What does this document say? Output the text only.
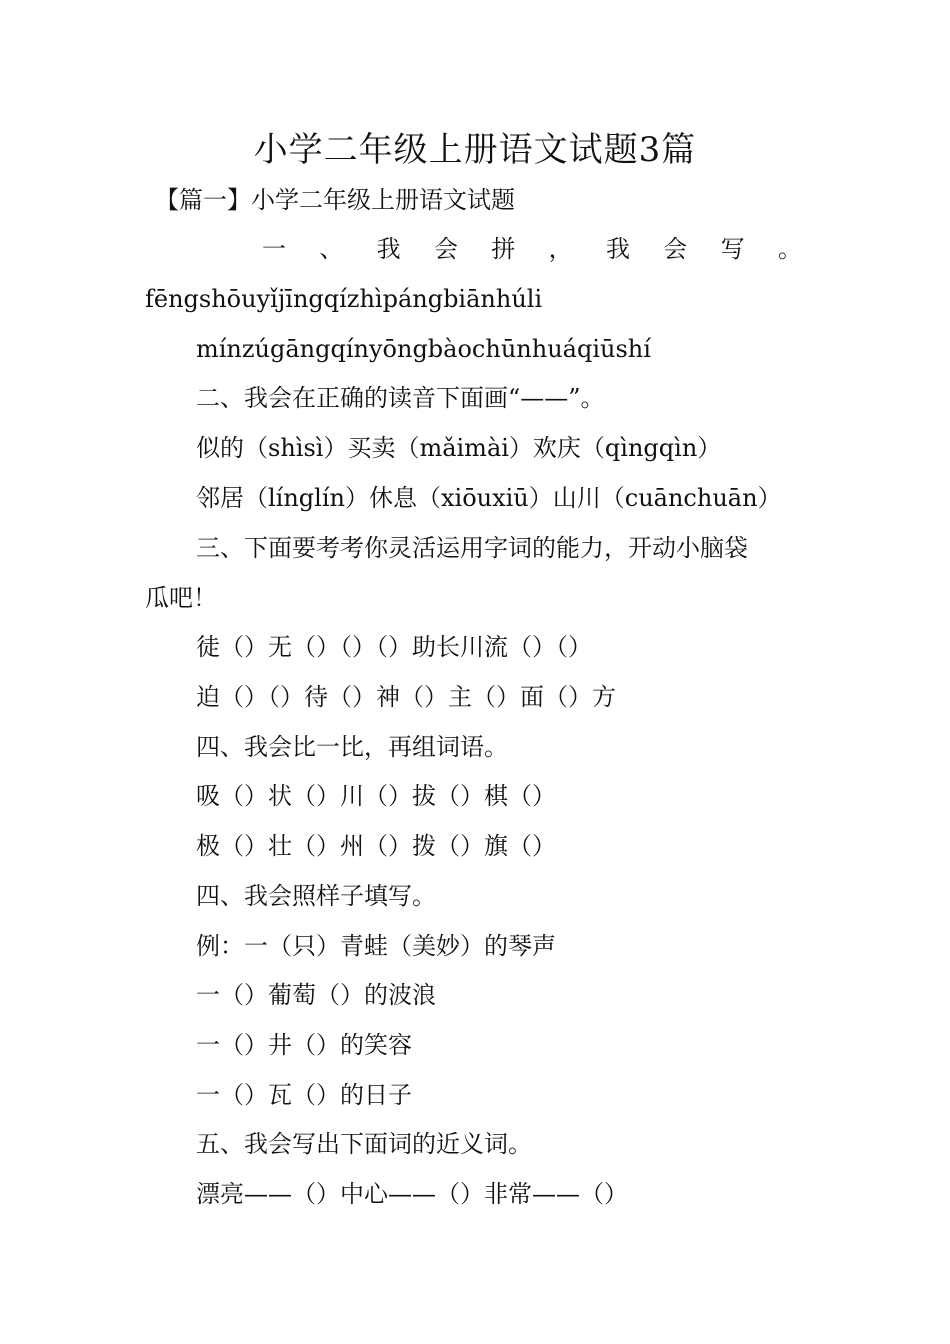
小学二年级上册语文试题3篇
【篇一】小学二年级上册语文试题
一 、 我 会 拼 ， 我 会 写 。
fēngshōuyǐjīngqízhìpángbiānhúli
mínzúgāngqínyōngbàochūnhuáqiūshí
二、我会在正确的读音下面画“——”。
似的（shìsì）买卖（mǎimài）欢庆（qìngqìn）
邻居（línglín）休息（xiōuxiū）山川（cuānchuān）
三、下面要考考你灵活运用字词的能力，开动小脑袋
瓜吧！
徒（）无（）（）（）助长川流（）（）
迫（）（）待（）神（）主（）面（）方
四、我会比一比，再组词语。
吸（）状（）川（）拔（）棋（）
极（）壮（）州（）拨（）旗（）
四、我会照样子填写。
例：一（只）青蛙（美妙）的琴声
一（）葡萄（）的波浪
一（）井（）的笑容
一（）瓦（）的日子
五、我会写出下面词的近义词。
漂亮——（）中心——（）非常——（）
